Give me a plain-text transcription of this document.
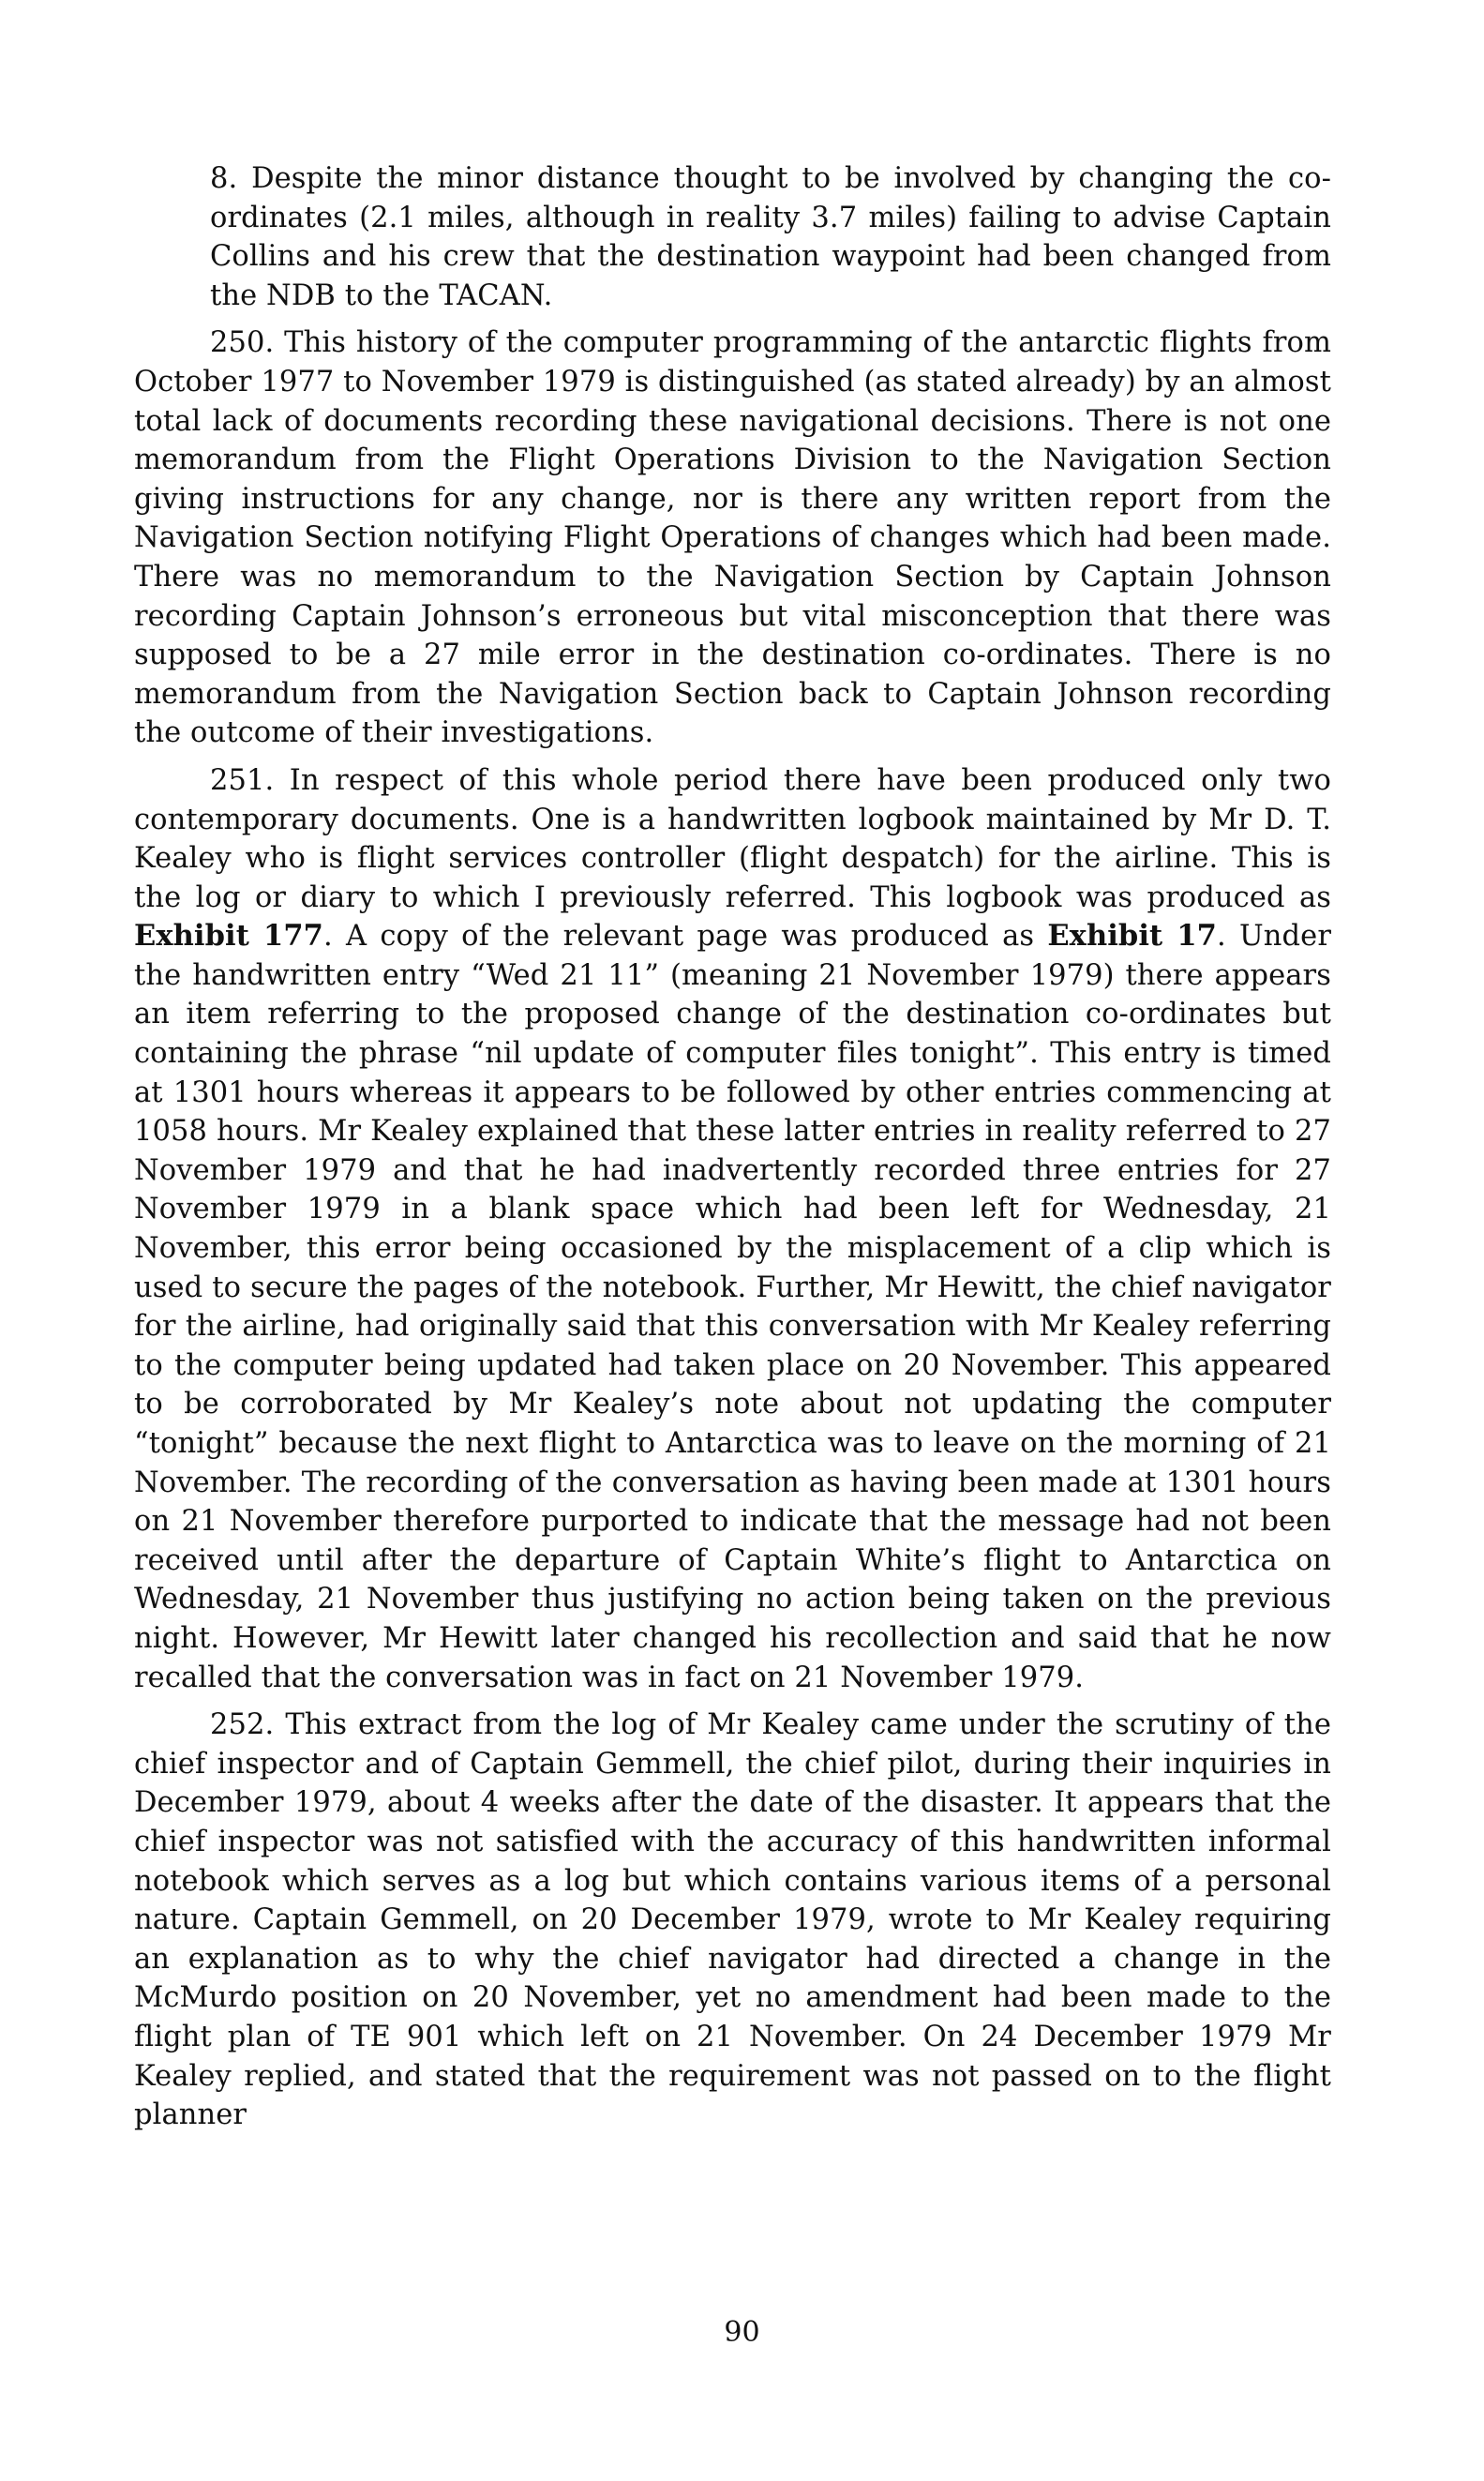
8. Despite the minor distance thought to be involved by changing the co-ordinates (2.1 miles, although in reality 3.7 miles) failing to advise Captain Collins and his crew that the destination waypoint had been changed from the NDB to the TACAN.

250. This history of the computer programming of the antarctic flights from October 1977 to November 1979 is distinguished (as stated already) by an almost total lack of documents recording these navigational decisions. There is not one memorandum from the Flight Operations Division to the Navigation Section giving instructions for any change, nor is there any written report from the Navigation Section notifying Flight Operations of changes which had been made. There was no memorandum to the Navigation Section by Captain Johnson recording Captain Johnson’s erroneous but vital misconception that there was supposed to be a 27 mile error in the destination co-ordinates. There is no memorandum from the Navigation Section back to Captain Johnson recording the outcome of their investigations.

251. In respect of this whole period there have been produced only two contemporary documents. One is a handwritten logbook maintained by Mr D. T. Kealey who is flight services controller (flight despatch) for the airline. This is the log or diary to which I previously referred. This logbook was produced as Exhibit 177. A copy of the relevant page was produced as Exhibit 17. Under the handwritten entry “Wed 21 11” (meaning 21 November 1979) there appears an item referring to the proposed change of the destination co-ordinates but containing the phrase “nil update of computer files tonight”. This entry is timed at 1301 hours whereas it appears to be followed by other entries commencing at 1058 hours. Mr Kealey explained that these latter entries in reality referred to 27 November 1979 and that he had inadvertently recorded three entries for 27 November 1979 in a blank space which had been left for Wednesday, 21 November, this error being occasioned by the misplacement of a clip which is used to secure the pages of the notebook. Further, Mr Hewitt, the chief navigator for the airline, had originally said that this conversation with Mr Kealey referring to the computer being updated had taken place on 20 November. This appeared to be corroborated by Mr Kealey’s note about not updating the computer “tonight” because the next flight to Antarctica was to leave on the morning of 21 November. The recording of the conversation as having been made at 1301 hours on 21 November therefore purported to indicate that the message had not been received until after the departure of Captain White’s flight to Antarctica on Wednesday, 21 November thus justifying no action being taken on the previous night. However, Mr Hewitt later changed his recollection and said that he now recalled that the conversation was in fact on 21 November 1979.

252. This extract from the log of Mr Kealey came under the scrutiny of the chief inspector and of Captain Gemmell, the chief pilot, during their inquiries in December 1979, about 4 weeks after the date of the disaster. It appears that the chief inspector was not satisfied with the accuracy of this handwritten informal notebook which serves as a log but which contains various items of a personal nature. Captain Gemmell, on 20 December 1979, wrote to Mr Kealey requiring an explanation as to why the chief navigator had directed a change in the McMurdo position on 20 November, yet no amendment had been made to the flight plan of TE 901 which left on 21 November. On 24 December 1979 Mr Kealey replied, and stated that the requirement was not passed on to the flight planner

90
